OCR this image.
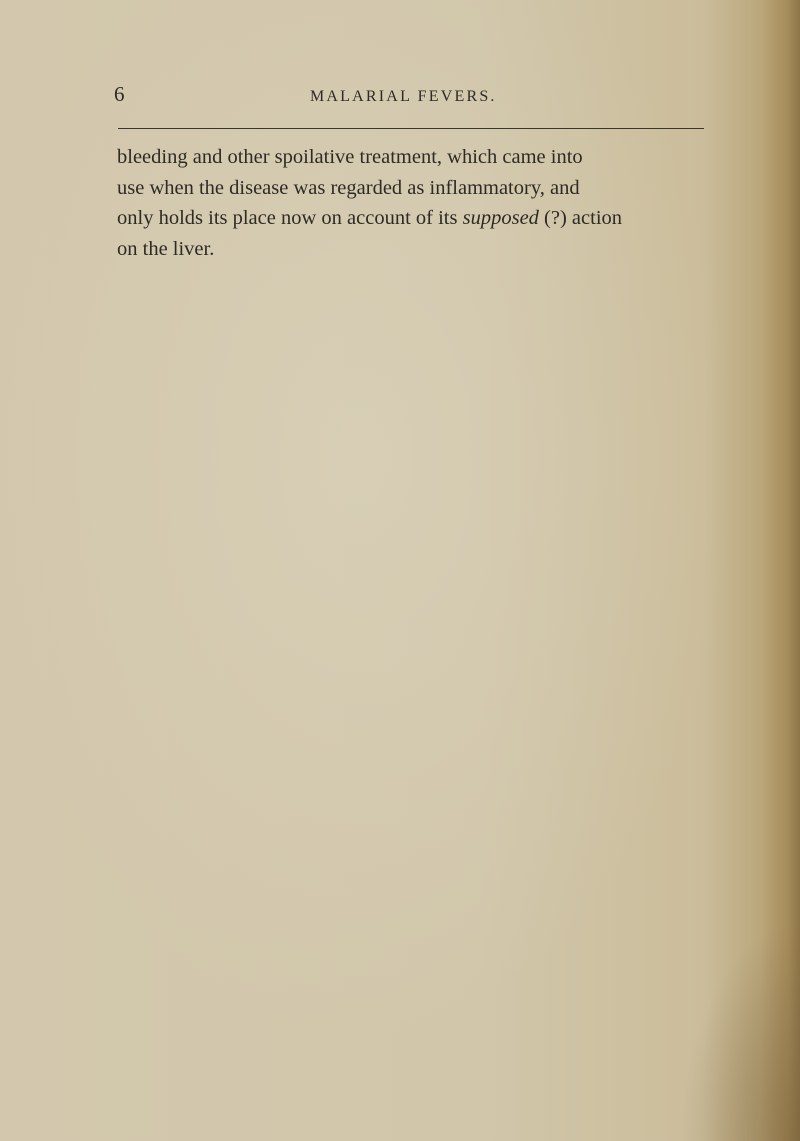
6	MALARIAL FEVERS.
bleeding and other spoilative treatment, which came into
use when the disease was regarded as inflammatory, and
only holds its place now on account of its supposed (?) action
on the liver.
